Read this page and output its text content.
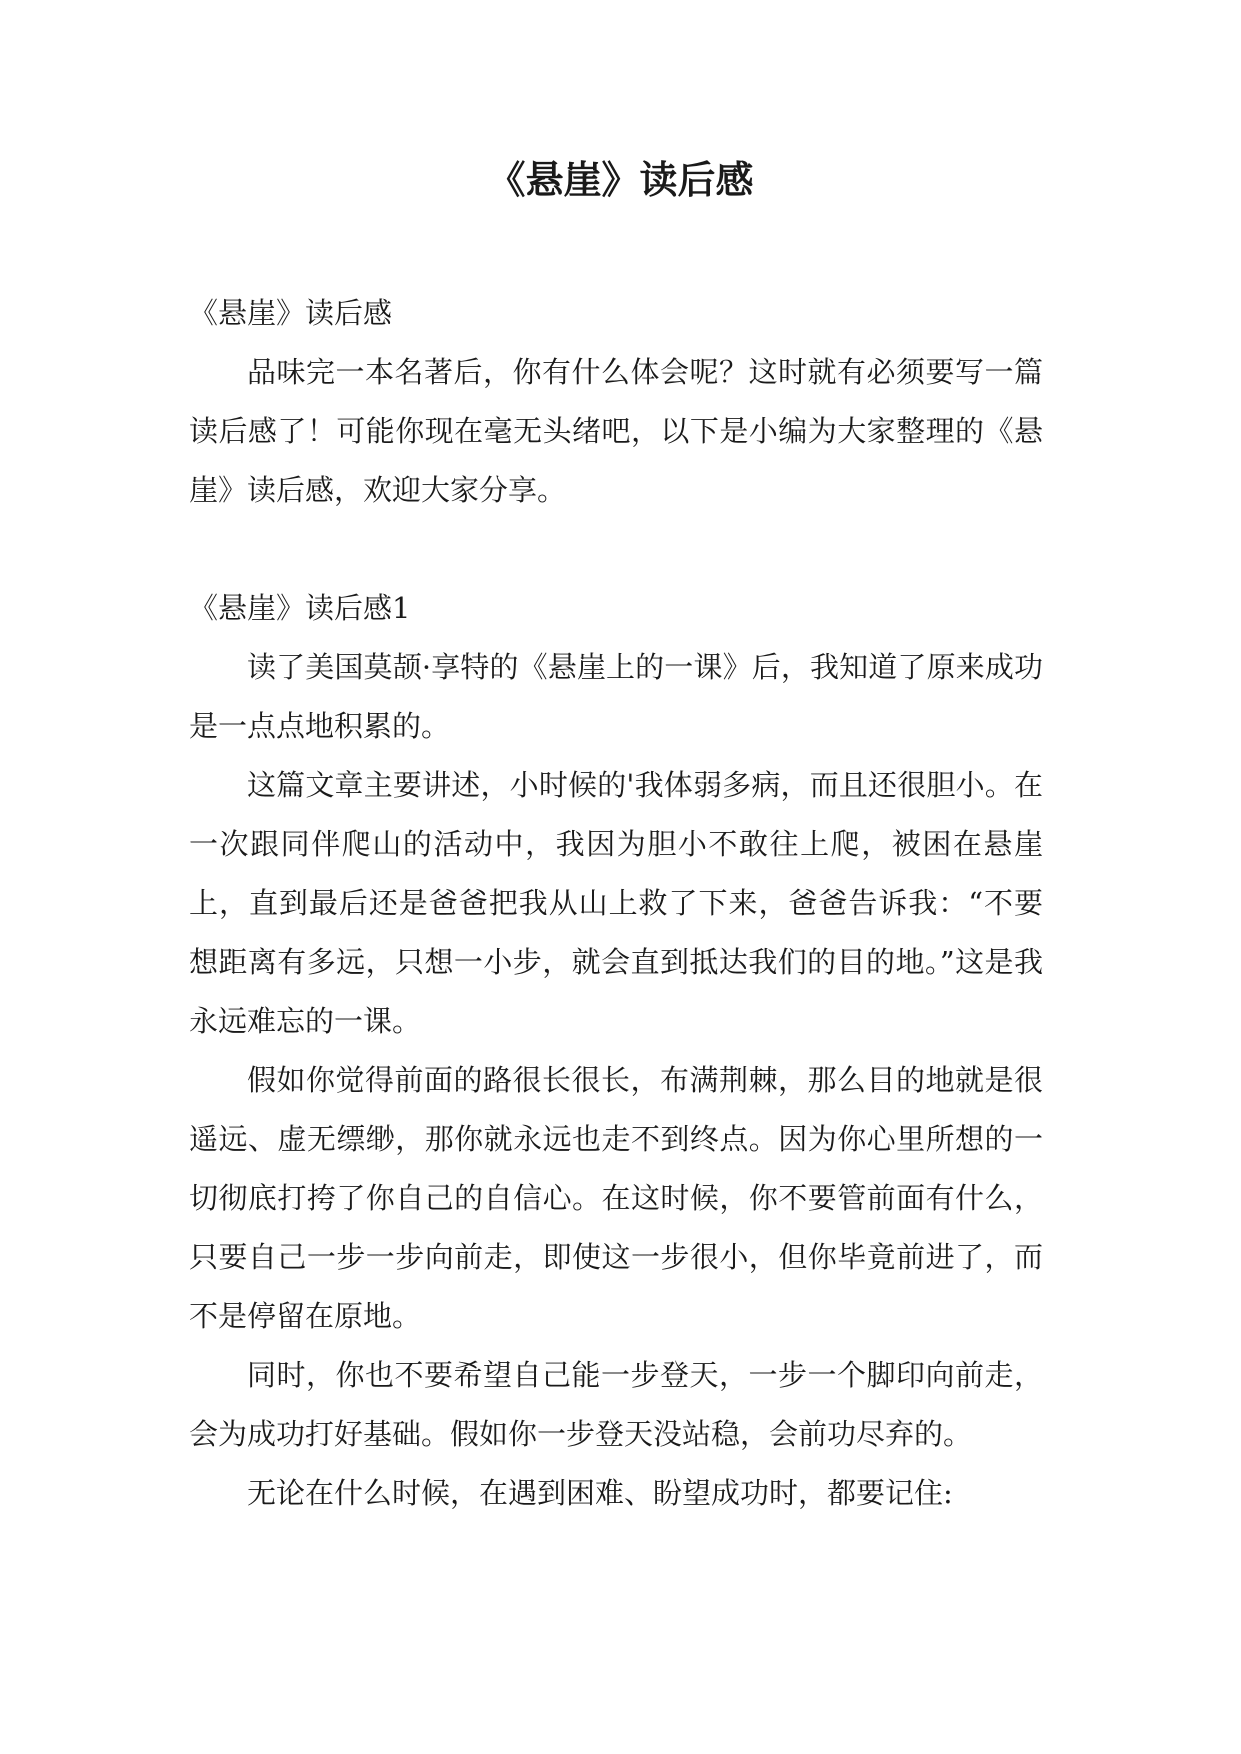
《悬崖》读后感

《悬崖》读后感

品味完一本名著后，你有什么体会呢？这时就有必须要写一篇读后感了！可能你现在毫无头绪吧，以下是小编为大家整理的《悬崖》读后感，欢迎大家分享。

《悬崖》读后感1

读了美国莫颉·享特的《悬崖上的一课》后，我知道了原来成功是一点点地积累的。

这篇文章主要讲述，小时候的'我体弱多病，而且还很胆小。在一次跟同伴爬山的活动中，我因为胆小不敢往上爬，被困在悬崖上，直到最后还是爸爸把我从山上救了下来，爸爸告诉我：“不要想距离有多远，只想一小步，就会直到抵达我们的目的地。”这是我永远难忘的一课。

假如你觉得前面的路很长很长，布满荆棘，那么目的地就是很遥远、虚无缥缈，那你就永远也走不到终点。因为你心里所想的一切彻底打挎了你自己的自信心。在这时候，你不要管前面有什么，只要自己一步一步向前走，即使这一步很小，但你毕竟前进了，而不是停留在原地。

同时，你也不要希望自己能一步登天，一步一个脚印向前走，会为成功打好基础。假如你一步登天没站稳，会前功尽弃的。

无论在什么时候，在遇到困难、盼望成功时，都要记住:
